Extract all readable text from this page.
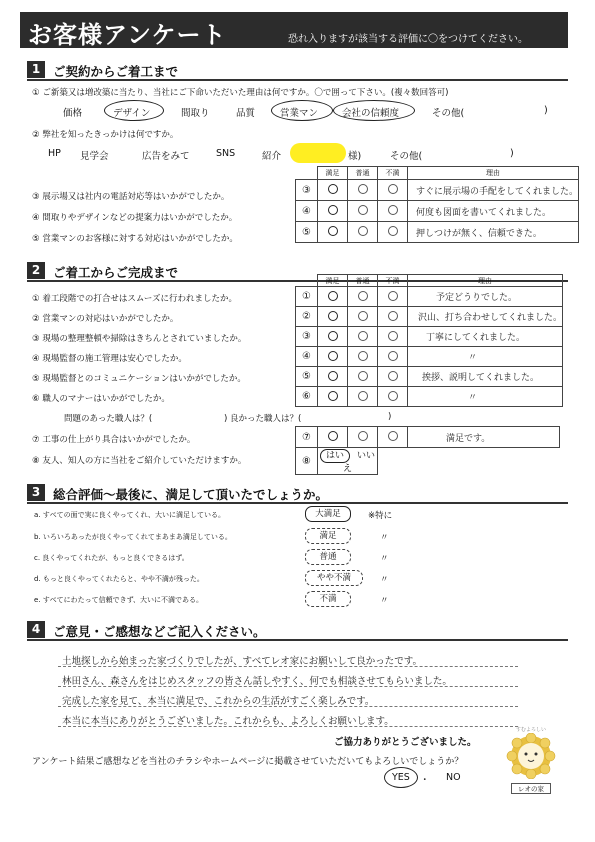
お客様アンケート	恐れ入りますが該当する評価に〇をつけてください。
1	ご契約からご着工まで
① ご新築又は増改築に当たり、当社にご下命いただいた理由は何ですか。〇で囲って下さい。(複々数回答可)
価格	デザイン	間取り	品質	営業マン	会社の信頼度	その他(	)
② 弊社を知ったきっかけは何ですか。
HP 見学会	広告をみて	SNS	紹介	様)	その他(	)
	満足	普通	不満	理由
③				すぐに展示場の手配をしてくれました。
④				何度も図面を書いてくれました。
⑤				押しつけが無く、信頼できた。
③ 展示場又は社内の電話対応等はいかがでしたか。
④ 間取りやデザインなどの提案力はいかがでしたか。
⑤ 営業マンのお客様に対する対応はいかがでしたか。
2	ご着工からご完成まで
	満足	普通	不満	理由
①				予定どうりでした。
②				沢山、打ち合わせしてくれました。
③				丁寧にしてくれました。
④				〃
⑤				挨拶、説明してくれました。
⑥				〃
① 着工段階での打合せはスムーズに行われましたか。
② 営業マンの対応はいかがでしたか。
③ 現場の整理整頓や掃除はきちんとされていましたか。
④ 現場監督の施工管理は安心でしたか。
⑤ 現場監督とのコミュニケーションはいかがでしたか。
⑥ 職人のマナーはいかがでしたか。
問題のあった職人は？(	) 良かった職人は？(	)
⑦				満足です。
⑧	はい いいえ			
⑦ 工事の仕上がり具合はいかがでしたか。
⑧ 友人、知人の方に当社をご紹介していただけますか。
3	総合評価～最後に、満足して頂いたでしょうか。
a. すべての面で実に良くやってくれ、大いに満足している。	大満足	※特に
b. いろいろあったが良くやってくれてまあまあ満足している。	満足	〃
c. 良くやってくれたが、もっと良くできるはず。	普通	〃
d. もっと良くやってくれたらと、やや不満が残った。	やや不満	〃
e. すべてにわたって信頼できず、大いに不満である。	不満	〃
4	ご意見・ご感想などご記入ください。
土地探しから始まった家づくりでしたが、すべてレオ家にお願いして良かったです。
林田さん、森さんをはじめスタッフの皆さん話しやすく、何でも相談させてもらいました。
完成した家を見て、本当に満足で、これからの生活がすごく楽しみです。
本当に本当にありがとうございました。これからも、よろしくお願いします。
ご協力ありがとうございました。
アンケート結果ご感想などを当社のチラシやホームページに掲載させていただいてもよろしいでしょうか？
YES ・ NO
すむよろしい
レオの家
